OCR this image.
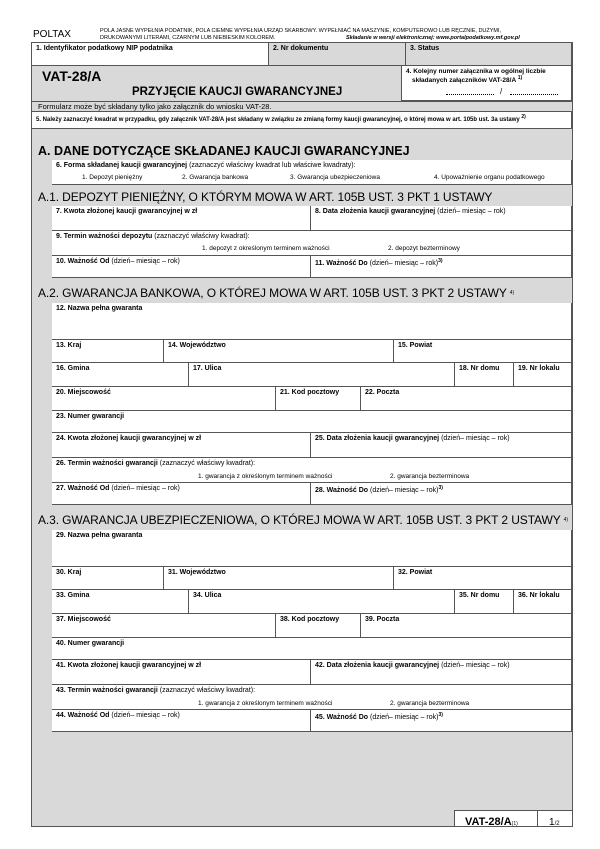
POLTAX	POLA JASNE WYPEŁNIA PODATNIK, POLA CIEMNE WYPEŁNIA URZĄD SKARBOWY. WYPEŁNIAĆ NA MASZYNIE, KOMPUTEROWO LUB RĘCZNIE, DUŻYMI,
DRUKOWANYMI LITERAMI, CZARNYM LUB NIEBIESKIM KOLOREM.	Składanie w wersji elektronicznej: www.portalpodatkowy.mf.gov.pl
1. Identyfikator podatkowy NIP podatnika	2. Nr dokumentu	3. Status
VAT-28/A
PRZYJĘCIE KAUCJI GWARANCYJNEJ
4. Kolejny numer załącznika w ogólnej liczbie
składanych załączników VAT-28/A $^{1)}$
/
Formularz może być składany tylko jako załącznik do wniosku VAT-28.
5. Należy zaznaczyć kwadrat w przypadku, gdy załącznik VAT-28/A jest składany w związku ze zmianą formy kaucji gwarancyjnej, o której mowa w art. 105b ust. 3a ustawy $^{2)}$
A. DANE DOTYCZĄCE SKŁADANEJ KAUCJI GWARANCYJNEJ
6. Forma składanej kaucji gwarancyjnej (zaznaczyć właściwy kwadrat lub właściwe kwadraty):
1. Depozyt pieniężny	2. Gwarancja bankowa	3. Gwarancja ubezpieczeniowa	4. Upoważnienie organu podatkowego
A.1. DEPOZYT PIENIĘŻNY, O KTÓRYM MOWA W ART. 105B UST. 3 PKT 1 USTAWY
7. Kwota złożonej kaucji gwarancyjnej w zł	8. Data złożenia kaucji gwarancyjnej (dzień– miesiąc – rok)
9. Termin ważności depozytu (zaznaczyć właściwy kwadrat):
1. depozyt z określonym terminem ważności	2. depozyt bezterminowy
10. Ważność Od (dzień– miesiąc – rok)	11. Ważność Do (dzień– miesiąc – rok)$^{3)}$
A.2. GWARANCJA BANKOWA, O KTÓREJ MOWA W ART. 105B UST. 3 PKT 2 USTAWY $^{4)}$
12. Nazwa pełna gwaranta
13. Kraj	14. Województwo	15. Powiat
16. Gmina	17. Ulica	18. Nr domu	19. Nr lokalu
20. Miejscowość	21. Kod pocztowy	22. Poczta
23. Numer gwarancji
24. Kwota złożonej kaucji gwarancyjnej w zł	25. Data złożenia kaucji gwarancyjnej (dzień– miesiąc – rok)
26. Termin ważności gwarancji (zaznaczyć właściwy kwadrat):
1. gwarancja z określonym terminem ważności	2. gwarancja bezterminowa
27. Ważność Od (dzień– miesiąc – rok)	28. Ważność Do (dzień– miesiąc – rok)$^{3)}$
A.3. GWARANCJA UBEZPIECZENIOWA, O KTÓREJ MOWA W ART. 105B UST. 3 PKT 2 USTAWY $^{4)}$
29. Nazwa pełna gwaranta
30. Kraj	31. Województwo	32. Powiat
33. Gmina	34. Ulica	35. Nr domu	36. Nr lokalu
37. Miejscowość	38. Kod pocztowy	39. Poczta
40. Numer gwarancji
41. Kwota złożonej kaucji gwarancyjnej w zł	42. Data złożenia kaucji gwarancyjnej (dzień– miesiąc – rok)
43. Termin ważności gwarancji (zaznaczyć właściwy kwadrat):
1. gwarancja z określonym terminem ważności	2. gwarancja bezterminowa
44. Ważność Od (dzień– miesiąc – rok)	45. Ważność Do (dzień– miesiąc – rok)$^{3)}$
VAT-28/A(1)	1/2
